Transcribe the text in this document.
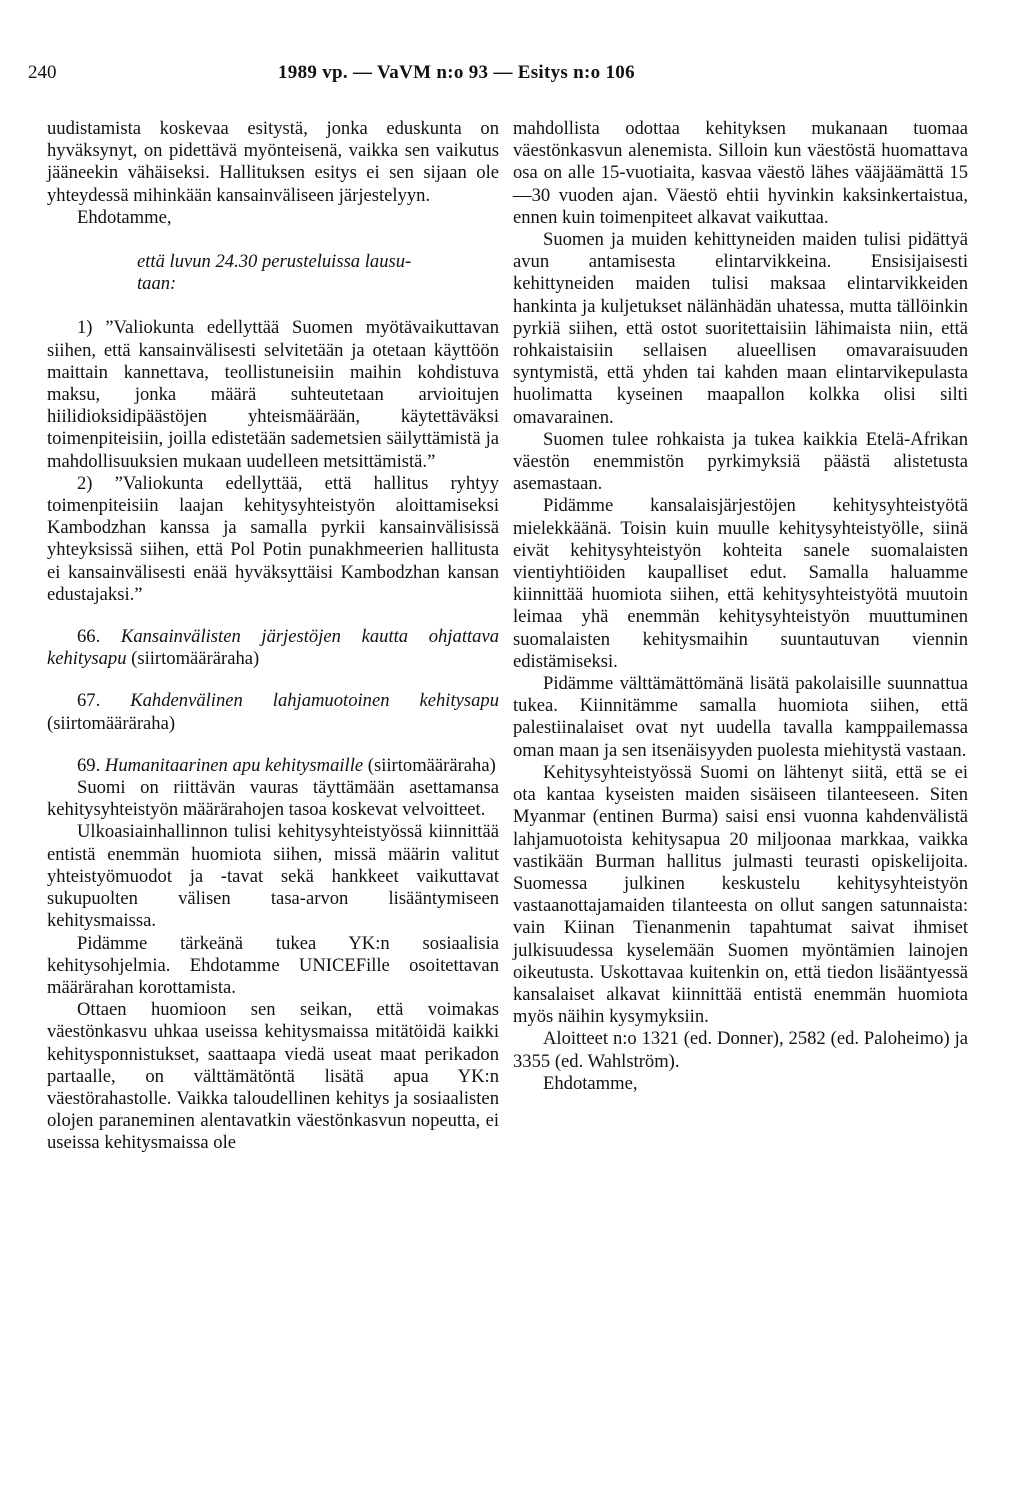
240	1989 vp. — VaVM n:o 93 — Esitys n:o 106

uudistamista koskevaa esitystä, jonka eduskunta on hyväksynyt, on pidettävä myönteisenä, vaikka sen vaikutus jääneekin vähäiseksi. Hallituksen esitys ei sen sijaan ole yhteydessä mihinkään kansainväliseen järjestelyyn.

Ehdotamme,

että luvun 24.30 perusteluissa lausu-
taan:

1) ”Valiokunta edellyttää Suomen myötävaikuttavan siihen, että kansainvälisesti selvitetään ja otetaan käyttöön maittain kannettava, teollistuneisiin maihin kohdistuva maksu, jonka määrä suhteutetaan arvioitujen hiilidioksidipäästöjen yhteismäärään, käytettäväksi toimenpiteisiin, joilla edistetään sademetsien säilyttämistä ja mahdollisuuksien mukaan uudelleen metsittämistä.”

2) ”Valiokunta edellyttää, että hallitus ryhtyy toimenpiteisiin laajan kehitysyhteistyön aloittamiseksi Kambodzhan kanssa ja samalla pyrkii kansainvälisissä yhteyksissä siihen, että Pol Potin punakhmeerien hallitusta ei kansainvälisesti enää hyväksyttäisi Kambodzhan kansan edustajaksi.”

66. Kansainvälisten järjestöjen kautta ohjattava kehitysapu (siirtomääräraha)

67. Kahdenvälinen lahjamuotoinen kehitysapu (siirtomääräraha)

69. Humanitaarinen apu kehitysmaille (siirtomääräraha)

Suomi on riittävän vauras täyttämään asettamansa kehitysyhteistyön määrärahojen tasoa koskevat velvoitteet.

Ulkoasiainhallinnon tulisi kehitysyhteistyössä kiinnittää entistä enemmän huomiota siihen, missä määrin valitut yhteistyömuodot ja -tavat sekä hankkeet vaikuttavat sukupuolten välisen tasa-arvon lisääntymiseen kehitysmaissa.

Pidämme tärkeänä tukea YK:n sosiaalisia kehitysohjelmia. Ehdotamme UNICEFille osoitettavan määrärahan korottamista.

Ottaen huomioon sen seikan, että voimakas väestönkasvu uhkaa useissa kehitysmaissa mitätöidä kaikki kehitysponnistukset, saattaapa viedä useat maat perikadon partaalle, on välttämätöntä lisätä apua YK:n väestörahastolle. Vaikka taloudellinen kehitys ja sosiaalisten olojen paraneminen alentavatkin väestönkasvun nopeutta, ei useissa kehitysmaissa ole

mahdollista odottaa kehityksen mukanaan tuomaa väestönkasvun alenemista. Silloin kun väestöstä huomattava osa on alle 15-vuotiaita, kasvaa väestö lähes vääjäämättä 15—30 vuoden ajan. Väestö ehtii hyvinkin kaksinkertaistua, ennen kuin toimenpiteet alkavat vaikuttaa.

Suomen ja muiden kehittyneiden maiden tulisi pidättyä avun antamisesta elintarvikkeina. Ensisijaisesti kehittyneiden maiden tulisi maksaa elintarvikkeiden hankinta ja kuljetukset nälänhädän uhatessa, mutta tällöinkin pyrkiä siihen, että ostot suoritettaisiin lähimaista niin, että rohkaistaisiin sellaisen alueellisen omavaraisuuden syntymistä, että yhden tai kahden maan elintarvikepulasta huolimatta kyseinen maapallon kolkka olisi silti omavarainen.

Suomen tulee rohkaista ja tukea kaikkia Etelä-Afrikan väestön enemmistön pyrkimyksiä päästä alistetusta asemastaan.

Pidämme kansalaisjärjestöjen kehitysyhteistyötä mielekkäänä. Toisin kuin muulle kehitysyhteistyölle, siinä eivät kehitysyhteistyön kohteita sanele suomalaisten vientiyhtiöiden kaupalliset edut. Samalla haluamme kiinnittää huomiota siihen, että kehitysyhteistyötä muutoin leimaa yhä enemmän kehitysyhteistyön muuttuminen suomalaisten kehitysmaihin suuntautuvan viennin edistämiseksi.

Pidämme välttämättömänä lisätä pakolaisille suunnattua tukea. Kiinnitämme samalla huomiota siihen, että palestiinalaiset ovat nyt uudella tavalla kamppailemassa oman maan ja sen itsenäisyyden puolesta miehitystä vastaan.

Kehitysyhteistyössä Suomi on lähtenyt siitä, että se ei ota kantaa kyseisten maiden sisäiseen tilanteeseen. Siten Myanmar (entinen Burma) saisi ensi vuonna kahdenvälistä lahjamuotoista kehitysapua 20 miljoonaa markkaa, vaikka vastikään Burman hallitus julmasti teurasti opiskelijoita. Suomessa julkinen keskustelu kehitysyhteistyön vastaanottajamaiden tilanteesta on ollut sangen satunnaista: vain Kiinan Tienanmenin tapahtumat saivat ihmiset julkisuudessa kyselemään Suomen myöntämien lainojen oikeutusta. Uskottavaa kuitenkin on, että tiedon lisääntyessä kansalaiset alkavat kiinnittää entistä enemmän huomiota myös näihin kysymyksiin.

Aloitteet n:o 1321 (ed. Donner), 2582 (ed. Paloheimo) ja 3355 (ed. Wahlström).

Ehdotamme,
